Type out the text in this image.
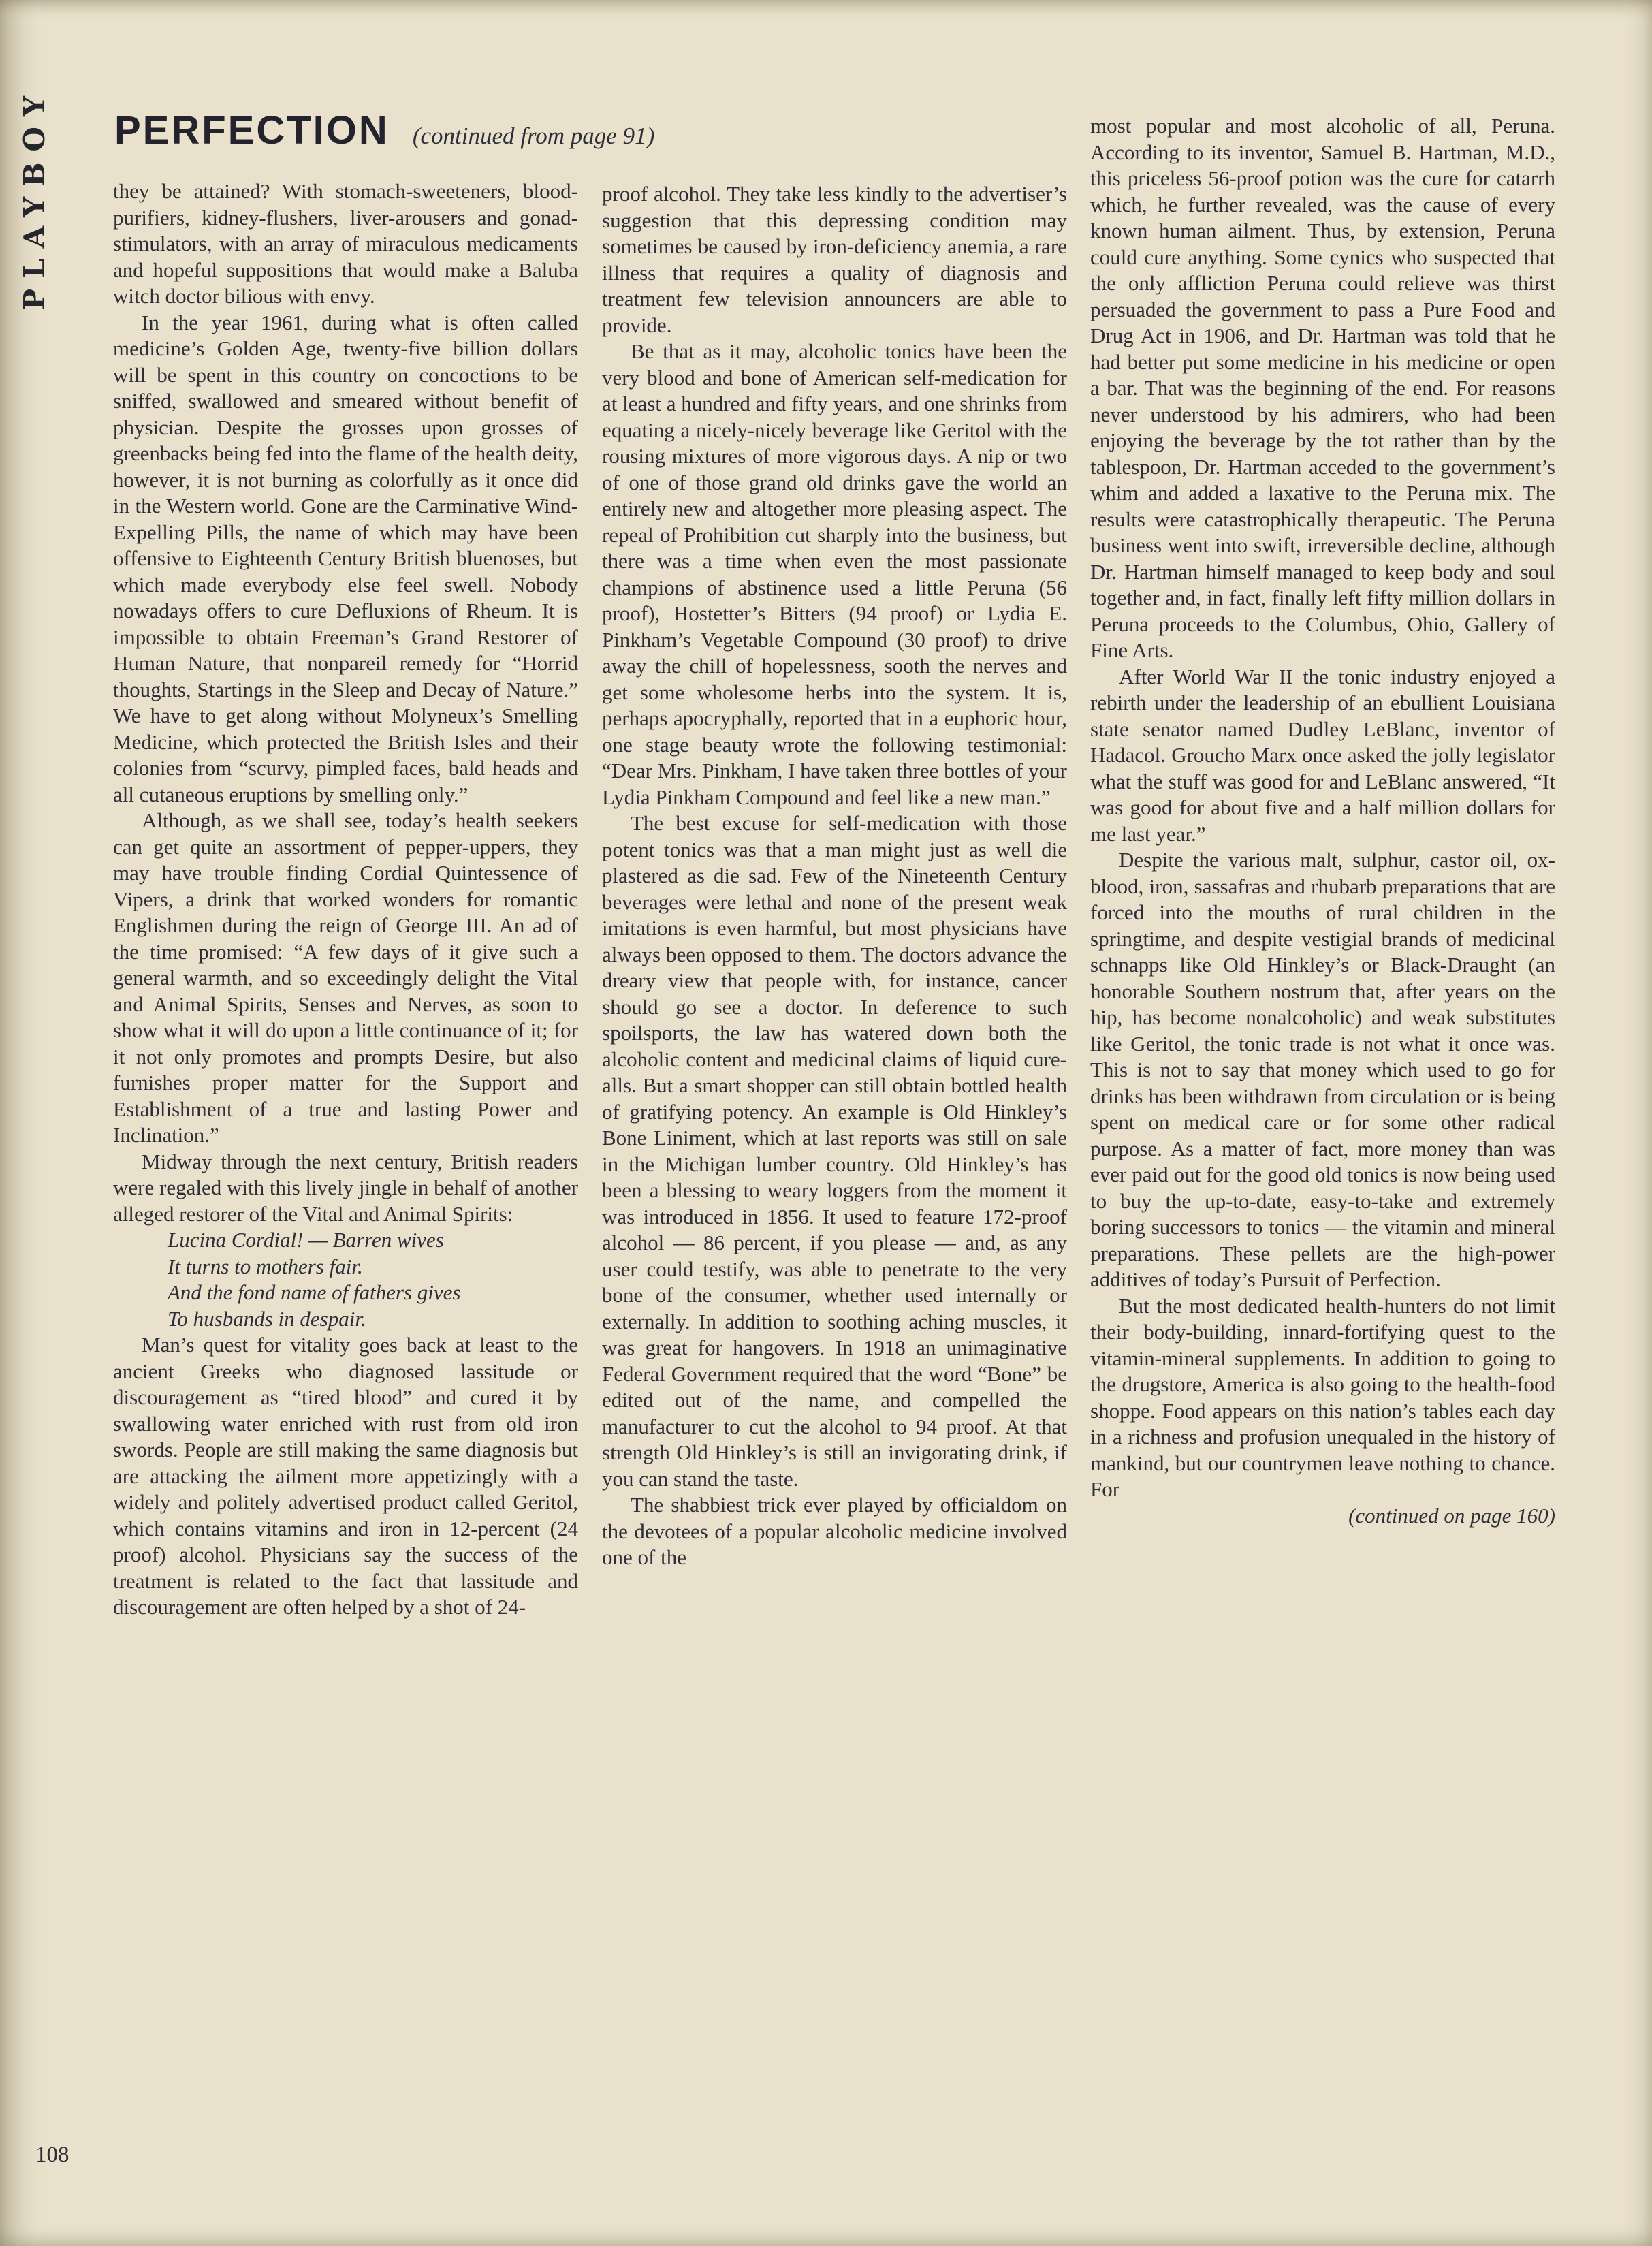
PLAYBOY PERFECTION (continued from page 91)

they be attained? With stomach-sweeteners, blood-purifiers, kidney-flushers, liver-arousers and gonad-stimulators, with an array of miraculous medicaments and hopeful suppositions that would make a Baluba witch doctor bilious with envy.

In the year 1961, during what is often called medicine’s Golden Age, twenty-five billion dollars will be spent in this country on concoctions to be sniffed, swallowed and smeared without benefit of physician. Despite the grosses upon grosses of greenbacks being fed into the flame of the health deity, however, it is not burning as colorfully as it once did in the Western world. Gone are the Carminative Wind-Expelling Pills, the name of which may have been offensive to Eighteenth Century British bluenoses, but which made everybody else feel swell. Nobody nowadays offers to cure Defluxions of Rheum. It is impossible to obtain Freeman’s Grand Restorer of Human Nature, that nonpareil remedy for “Horrid thoughts, Startings in the Sleep and Decay of Nature.” We have to get along without Molyneux’s Smelling Medicine, which protected the British Isles and their colonies from “scurvy, pimpled faces, bald heads and all cutaneous eruptions by smelling only.”

Although, as we shall see, today’s health seekers can get quite an assortment of pepper-uppers, they may have trouble finding Cordial Quintessence of Vipers, a drink that worked wonders for romantic Englishmen during the reign of George III. An ad of the time promised: “A few days of it give such a general warmth, and so exceedingly delight the Vital and Animal Spirits, Senses and Nerves, as soon to show what it will do upon a little continuance of it; for it not only promotes and prompts Desire, but also furnishes proper matter for the Support and Establishment of a true and lasting Power and Inclination.”

Midway through the next century, British readers were regaled with this lively jingle in behalf of another alleged restorer of the Vital and Animal Spirits:

Lucina Cordial! — Barren wives

It turns to mothers fair.

And the fond name of fathers gives

To husbands in despair.

Man’s quest for vitality goes back at least to the ancient Greeks who diagnosed lassitude or discouragement as “tired blood” and cured it by swallowing water enriched with rust from old iron swords. People are still making the same diagnosis but are attacking the ailment more appetizingly with a widely and politely advertised product called Geritol, which contains vitamins and iron in 12-percent (24 proof) alcohol. Physicians say the success of the treatment is related to the fact that lassitude and discouragement are often helped by a shot of 24-

proof alcohol. They take less kindly to the advertiser’s suggestion that this depressing condition may sometimes be caused by iron-deficiency anemia, a rare illness that requires a quality of diagnosis and treatment few television announcers are able to provide.

Be that as it may, alcoholic tonics have been the very blood and bone of American self-medication for at least a hundred and fifty years, and one shrinks from equating a nicely-nicely beverage like Geritol with the rousing mixtures of more vigorous days. A nip or two of one of those grand old drinks gave the world an entirely new and altogether more pleasing aspect. The repeal of Prohibition cut sharply into the business, but there was a time when even the most passionate champions of abstinence used a little Peruna (56 proof), Hostetter’s Bitters (94 proof) or Lydia E. Pinkham’s Vegetable Compound (30 proof) to drive away the chill of hopelessness, sooth the nerves and get some wholesome herbs into the system. It is, perhaps apocryphally, reported that in a euphoric hour, one stage beauty wrote the following testimonial: “Dear Mrs. Pinkham, I have taken three bottles of your Lydia Pinkham Compound and feel like a new man.”

The best excuse for self-medication with those potent tonics was that a man might just as well die plastered as die sad. Few of the Nineteenth Century beverages were lethal and none of the present weak imitations is even harmful, but most physicians have always been opposed to them. The doctors advance the dreary view that people with, for instance, cancer should go see a doctor. In deference to such spoilsports, the law has watered down both the alcoholic content and medicinal claims of liquid cure-alls. But a smart shopper can still obtain bottled health of gratifying potency. An example is Old Hinkley’s Bone Liniment, which at last reports was still on sale in the Michigan lumber country. Old Hinkley’s has been a blessing to weary loggers from the moment it was introduced in 1856. It used to feature 172-proof alcohol — 86 percent, if you please — and, as any user could testify, was able to penetrate to the very bone of the consumer, whether used internally or externally. In addition to soothing aching muscles, it was great for hangovers. In 1918 an unimaginative Federal Government required that the word “Bone” be edited out of the name, and compelled the manufacturer to cut the alcohol to 94 proof. At that strength Old Hinkley’s is still an invigorating drink, if you can stand the taste.

The shabbiest trick ever played by officialdom on the devotees of a popular alcoholic medicine involved one of the

most popular and most alcoholic of all, Peruna. According to its inventor, Samuel B. Hartman, M.D., this priceless 56-proof potion was the cure for catarrh which, he further revealed, was the cause of every known human ailment. Thus, by extension, Peruna could cure anything. Some cynics who suspected that the only affliction Peruna could relieve was thirst persuaded the government to pass a Pure Food and Drug Act in 1906, and Dr. Hartman was told that he had better put some medicine in his medicine or open a bar. That was the beginning of the end. For reasons never understood by his admirers, who had been enjoying the beverage by the tot rather than by the tablespoon, Dr. Hartman acceded to the government’s whim and added a laxative to the Peruna mix. The results were catastrophically therapeutic. The Peruna business went into swift, irreversible decline, although Dr. Hartman himself managed to keep body and soul together and, in fact, finally left fifty million dollars in Peruna proceeds to the Columbus, Ohio, Gallery of Fine Arts.

After World War II the tonic industry enjoyed a rebirth under the leadership of an ebullient Louisiana state senator named Dudley LeBlanc, inventor of Hadacol. Groucho Marx once asked the jolly legislator what the stuff was good for and LeBlanc answered, “It was good for about five and a half million dollars for me last year.”

Despite the various malt, sulphur, castor oil, ox-blood, iron, sassafras and rhubarb preparations that are forced into the mouths of rural children in the springtime, and despite vestigial brands of medicinal schnapps like Old Hinkley’s or Black-Draught (an honorable Southern nostrum that, after years on the hip, has become nonalcoholic) and weak substitutes like Geritol, the tonic trade is not what it once was. This is not to say that money which used to go for drinks has been withdrawn from circulation or is being spent on medical care or for some other radical purpose. As a matter of fact, more money than was ever paid out for the good old tonics is now being used to buy the up-to-date, easy-to-take and extremely boring successors to tonics — the vitamin and mineral preparations. These pellets are the high-power additives of today’s Pursuit of Perfection.

But the most dedicated health-hunters do not limit their body-building, innard-fortifying quest to the vitamin-mineral supplements. In addition to going to the drugstore, America is also going to the health-food shoppe. Food appears on this nation’s tables each day in a richness and profusion unequaled in the history of mankind, but our countrymen leave nothing to chance. For

(continued on page 160)

108
